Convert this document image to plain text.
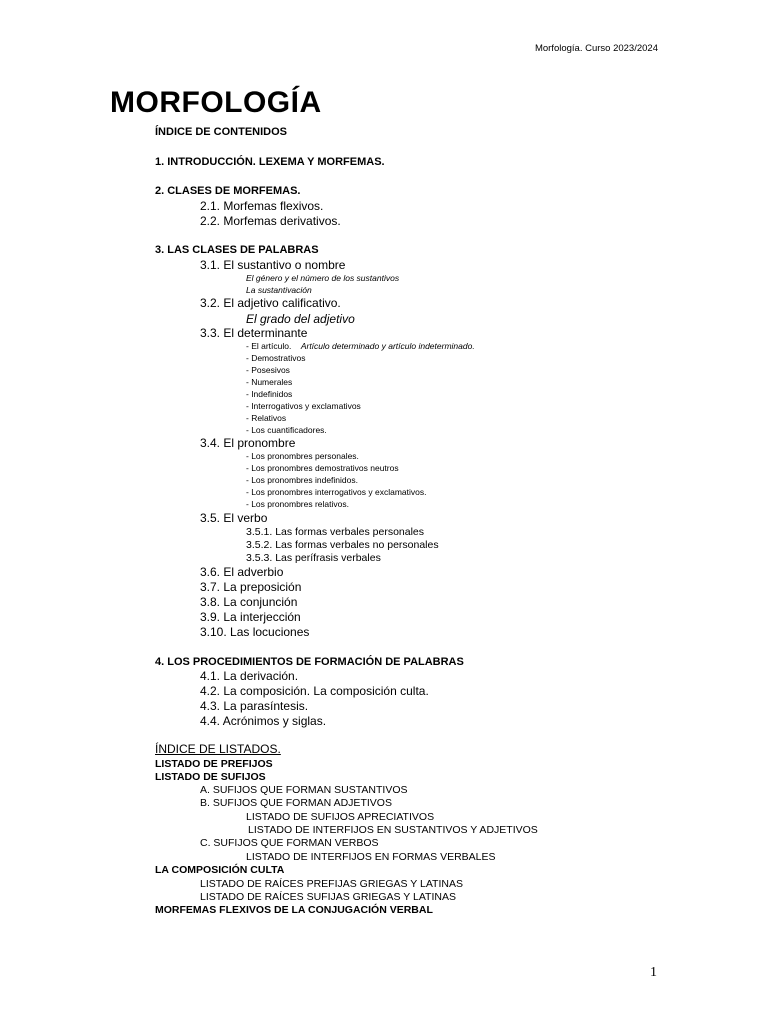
Morfología. Curso 2023/2024
MORFOLOGÍA
ÍNDICE DE CONTENIDOS
1. INTRODUCCIÓN. LEXEMA Y MORFEMAS.
2. CLASES DE MORFEMAS.
2.1. Morfemas flexivos.
2.2. Morfemas derivativos.
3. LAS CLASES DE PALABRAS
3.1. El sustantivo o nombre
El género y el número de los sustantivos
La sustantivación
3.2. El adjetivo calificativo.
El grado del adjetivo
3.3. El determinante
- El artículo. Artículo determinado y artículo indeterminado.
- Demostrativos
- Posesivos
- Numerales
- Indefinidos
- Interrogativos y exclamativos
- Relativos
- Los cuantificadores.
3.4. El pronombre
- Los pronombres personales.
- Los pronombres demostrativos neutros
- Los pronombres indefinidos.
- Los pronombres interrogativos y exclamativos.
- Los pronombres relativos.
3.5. El verbo
3.5.1. Las formas verbales personales
3.5.2. Las formas verbales no personales
3.5.3. Las perífrasis verbales
3.6. El adverbio
3.7. La preposición
3.8. La conjunción
3.9. La interjección
3.10. Las locuciones
4. LOS PROCEDIMIENTOS DE FORMACIÓN DE PALABRAS
4.1. La derivación.
4.2. La composición. La composición culta.
4.3. La parasíntesis.
4.4. Acrónimos y siglas.
ÍNDICE DE LISTADOS.
LISTADO DE PREFIJOS
LISTADO DE SUFIJOS
A. SUFIJOS QUE FORMAN SUSTANTIVOS
B. SUFIJOS QUE FORMAN ADJETIVOS
LISTADO DE SUFIJOS APRECIATIVOS
LISTADO DE INTERFIJOS EN SUSTANTIVOS Y ADJETIVOS
C. SUFIJOS QUE FORMAN VERBOS
LISTADO DE INTERFIJOS EN FORMAS VERBALES
LA COMPOSICIÓN CULTA
LISTADO DE RAÍCES PREFIJAS GRIEGAS Y LATINAS
LISTADO DE RAÍCES SUFIJAS GRIEGAS Y LATINAS
MORFEMAS FLEXIVOS DE LA CONJUGACIÓN VERBAL
1
